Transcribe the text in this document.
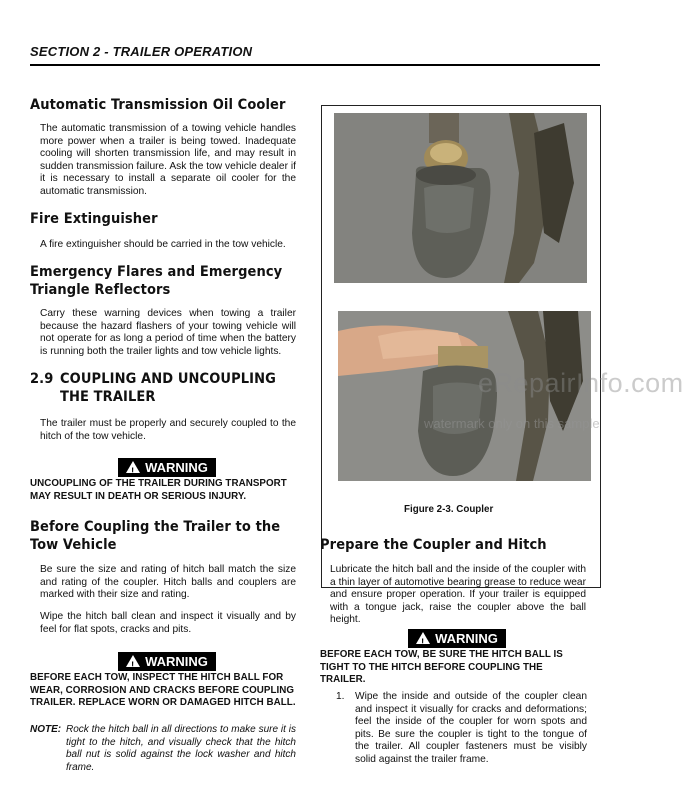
SECTION 2 - TRAILER OPERATION
Automatic Transmission Oil Cooler
The automatic transmission of a towing vehicle handles more power when a trailer is being towed. Inadequate cooling will shorten transmission life, and may result in sudden transmission failure. Ask the tow vehicle dealer if it is necessary to install a separate oil cooler for the automatic transmission.
Fire Extinguisher
A fire extinguisher should be carried in the tow vehicle.
Emergency Flares and Emergency Triangle Reflectors
Carry these warning devices when towing a trailer because the hazard flashers of your towing vehicle will not operate for as long a period of time when the battery is running both the trailer lights and tow vehicle lights.
2.9 COUPLING AND UNCOUPLING THE TRAILER
The trailer must be properly and securely coupled to the hitch of the tow vehicle.
!WARNING
UNCOUPLING OF THE TRAILER DURING TRANSPORT MAY RESULT IN DEATH OR SERIOUS INJURY.
Before Coupling the Trailer to the Tow Vehicle
Be sure the size and rating of hitch ball match the size and rating of the coupler. Hitch balls and couplers are marked with their size and rating.
Wipe the hitch ball clean and inspect it visually and by feel for flat spots, cracks and pits.
!WARNING
BEFORE EACH TOW, INSPECT THE HITCH BALL FOR WEAR, CORROSION AND CRACKS BEFORE COUPLING TRAILER. REPLACE WORN OR DAMAGED HITCH BALL.
NOTE: Rock the hitch ball in all directions to make sure it is tight to the hitch, and visually check that the hitch ball nut is solid against the lock washer and hitch frame.
eRepairInfo.com
watermark only on this sample
Figure 2-3. Coupler
Prepare the Coupler and Hitch
Lubricate the hitch ball and the inside of the coupler with a thin layer of automotive bearing grease to reduce wear and ensure proper operation. If your trailer is equipped with a tongue jack, raise the coupler above the ball height.
!WARNING
BEFORE EACH TOW, BE SURE THE HITCH BALL IS TIGHT TO THE HITCH BEFORE COUPLING THE TRAILER.
1. Wipe the inside and outside of the coupler clean and inspect it visually for cracks and deformations; feel the inside of the coupler for worn spots and pits. Be sure the coupler is tight to the tongue of the trailer. All coupler fasteners must be visibly solid against the trailer frame.
